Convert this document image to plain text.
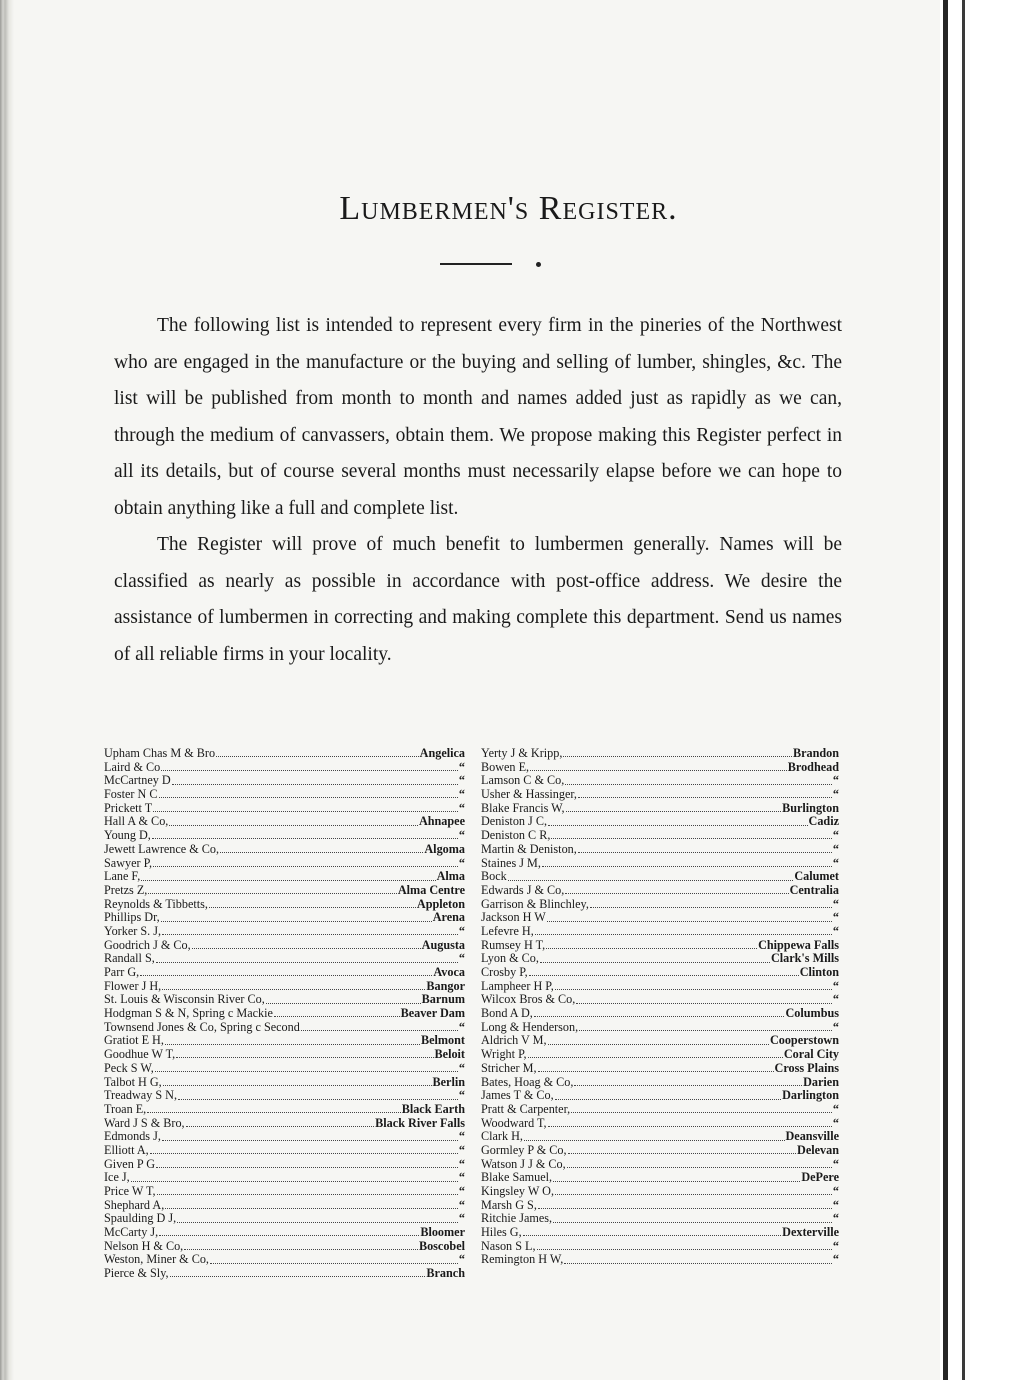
Lumbermen's Register.

The following list is intended to represent every firm in the pineries of the Northwest who are engaged in the manufacture or the buying and selling of lumber, shingles, &c. The list will be published from month to month and names added just as rapidly as we can, through the medium of canvassers, obtain them. We propose making this Register perfect in all its details, but of course several months must necessarily elapse before we can hope to obtain anything like a full and complete list.

The Register will prove of much benefit to lumbermen generally. Names will be classified as nearly as possible in accordance with post-office address. We desire the assistance of lumbermen in correcting and making complete this department. Send us names of all reliable firms in your locality.

Upham Chas M & Bro	Angelica
Laird & Co	“
McCartney D	“
Foster N C	“
Prickett T	“
Hall A & Co,	Ahnapee
Young D,	“
Jewett Lawrence & Co,	Algoma
Sawyer P,	“
Lane F,	Alma
Pretzs Z,	Alma Centre
Reynolds & Tibbetts,	Appleton
Phillips Dr,	Arena
Yorker S. J,	“
Goodrich J & Co,	Augusta
Randall S,	“
Parr G,	Avoca
Flower J H,	Bangor
St. Louis & Wisconsin River Co,	Barnum
Hodgman S & N, Spring c Mackie	Beaver Dam
Townsend Jones & Co, Spring c Second	“
Gratiot E H,	Belmont
Goodhue W T,	Beloit
Peck S W,	“
Talbot H G,	Berlin
Treadway S N,	“
Troan E,	Black Earth
Ward J S & Bro,	Black River Falls
Edmonds J,	“
Elliott A,	“
Given P G	“
Ice J,	“
Price W T,	“
Shephard A,	“
Spaulding D J,	“
McCarty J,	Bloomer
Nelson H & Co,	Boscobel
Weston, Miner & Co,	“
Pierce & Sly,	Branch
Yerty J & Kripp,	Brandon
Bowen E,	Brodhead
Lamson C & Co,	“
Usher & Hassinger,	“
Blake Francis W,	Burlington
Deniston J C,	Cadiz
Deniston C R,	“
Martin & Deniston,	“
Staines J M,	“
Bock	Calumet
Edwards J & Co,	Centralia
Garrison & Blinchley,	“
Jackson H W	“
Lefevre H,	“
Rumsey H T,	Chippewa Falls
Lyon & Co,	Clark's Mills
Crosby P,	Clinton
Lampheer H P,	“
Wilcox Bros & Co,	“
Bond A D,	Columbus
Long & Henderson,	“
Aldrich V M,	Cooperstown
Wright P,	Coral City
Stricher M,	Cross Plains
Bates, Hoag & Co,	Darien
James T & Co,	Darlington
Pratt & Carpenter,	“
Woodward T,	“
Clark H,	Deansville
Gormley P & Co,	Delevan
Watson J J & Co,	“
Blake Samuel,	DePere
Kingsley W O,	“
Marsh G S,	“
Ritchie James,	“
Hiles G,	Dexterville
Nason S L,	“
Remington H W,	“
